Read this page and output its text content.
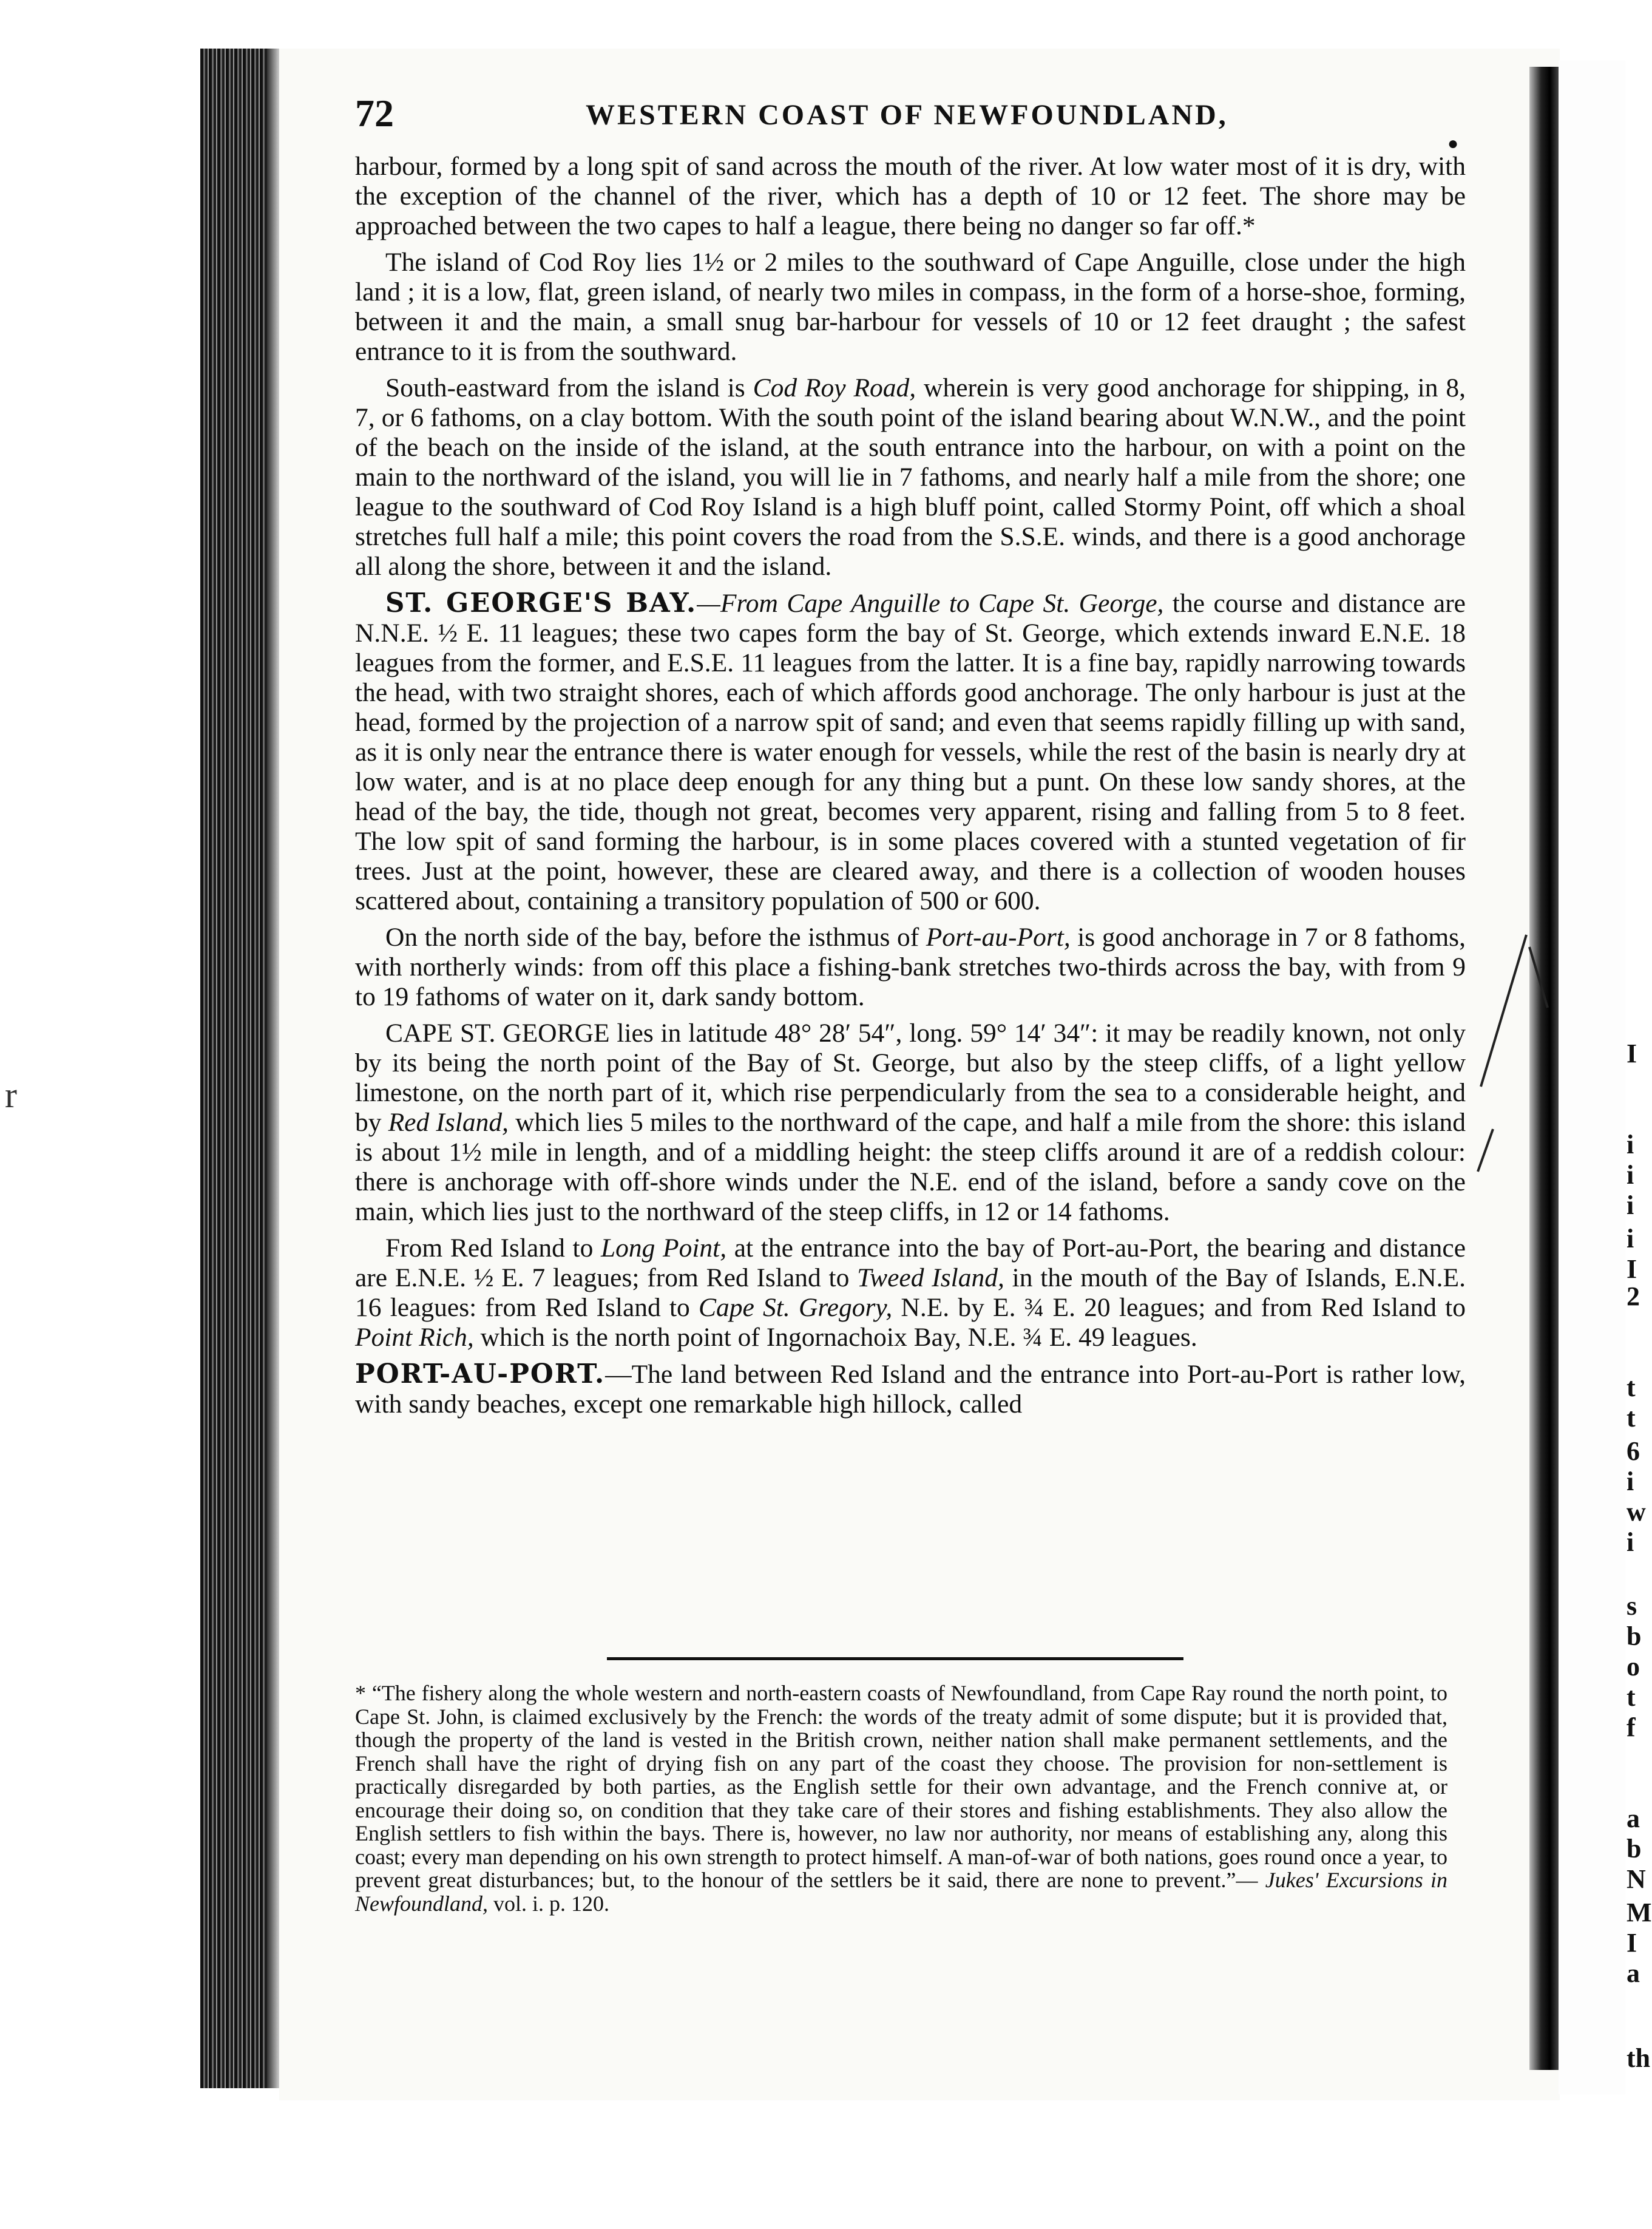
r
I
i
i
i
i
I
2
t
t
6
i
w
i
s
b
o
t
f
a
b
N
M
I
a
th
72	WESTERN COAST OF NEWFOUNDLAND,
●

harbour, formed by a long spit of sand across the mouth of the river. At low water most of it is dry, with the exception of the channel of the river, which has a depth of 10 or 12 feet. The shore may be approached between the two capes to half a league, there being no danger so far off.*

The island of Cod Roy lies 1½ or 2 miles to the southward of Cape Anguille, close under the high land ; it is a low, flat, green island, of nearly two miles in compass, in the form of a horse-shoe, forming, between it and the main, a small snug bar-harbour for vessels of 10 or 12 feet draught ; the safest entrance to it is from the southward.

South-eastward from the island is Cod Roy Road, wherein is very good anchorage for shipping, in 8, 7, or 6 fathoms, on a clay bottom. With the south point of the island bearing about W.N.W., and the point of the beach on the inside of the island, at the south entrance into the harbour, on with a point on the main to the northward of the island, you will lie in 7 fathoms, and nearly half a mile from the shore; one league to the southward of Cod Roy Island is a high bluff point, called Stormy Point, off which a shoal stretches full half a mile; this point covers the road from the S.S.E. winds, and there is a good anchorage all along the shore, between it and the island.

ST. GEORGE'S BAY.—From Cape Anguille to Cape St. George, the course and distance are N.N.E. ½ E. 11 leagues; these two capes form the bay of St. George, which extends inward E.N.E. 18 leagues from the former, and E.S.E. 11 leagues from the latter. It is a fine bay, rapidly narrowing towards the head, with two straight shores, each of which affords good anchorage. The only harbour is just at the head, formed by the projection of a narrow spit of sand; and even that seems rapidly filling up with sand, as it is only near the entrance there is water enough for vessels, while the rest of the basin is nearly dry at low water, and is at no place deep enough for any thing but a punt. On these low sandy shores, at the head of the bay, the tide, though not great, becomes very apparent, rising and falling from 5 to 8 feet. The low spit of sand forming the harbour, is in some places covered with a stunted vegetation of fir trees. Just at the point, however, these are cleared away, and there is a collection of wooden houses scattered about, containing a transitory population of 500 or 600.

On the north side of the bay, before the isthmus of Port-au-Port, is good anchorage in 7 or 8 fathoms, with northerly winds: from off this place a fishing-bank stretches two-thirds across the bay, with from 9 to 19 fathoms of water on it, dark sandy bottom.

CAPE ST. GEORGE lies in latitude 48° 28′ 54″, long. 59° 14′ 34″: it may be readily known, not only by its being the north point of the Bay of St. George, but also by the steep cliffs, of a light yellow limestone, on the north part of it, which rise perpendicularly from the sea to a considerable height, and by Red Island, which lies 5 miles to the northward of the cape, and half a mile from the shore: this island is about 1½ mile in length, and of a middling height: the steep cliffs around it are of a reddish colour: there is anchorage with off-shore winds under the N.E. end of the island, before a sandy cove on the main, which lies just to the northward of the steep cliffs, in 12 or 14 fathoms.

From Red Island to Long Point, at the entrance into the bay of Port-au-Port, the bearing and distance are E.N.E. ½ E. 7 leagues; from Red Island to Tweed Island, in the mouth of the Bay of Islands, E.N.E. 16 leagues: from Red Island to Cape St. Gregory, N.E. by E. ¾ E. 20 leagues; and from Red Island to Point Rich, which is the north point of Ingornachoix Bay, N.E. ¾ E. 49 leagues.

PORT-AU-PORT.—The land between Red Island and the entrance into Port-au-Port is rather low, with sandy beaches, except one remarkable high hillock, called

* “The fishery along the whole western and north-eastern coasts of Newfoundland, from Cape Ray round the north point, to Cape St. John, is claimed exclusively by the French: the words of the treaty admit of some dispute; but it is provided that, though the property of the land is vested in the British crown, neither nation shall make permanent settlements, and the French shall have the right of drying fish on any part of the coast they choose. The provision for non-settlement is practically disregarded by both parties, as the English settle for their own advantage, and the French connive at, or encourage their doing so, on condition that they take care of their stores and fishing establishments. They also allow the English settlers to fish within the bays. There is, however, no law nor authority, nor means of establishing any, along this coast; every man depending on his own strength to protect himself. A man-of-war of both nations, goes round once a year, to prevent great disturbances; but, to the honour of the settlers be it said, there are none to prevent.”— Jukes' Excursions in Newfoundland, vol. i. p. 120.
